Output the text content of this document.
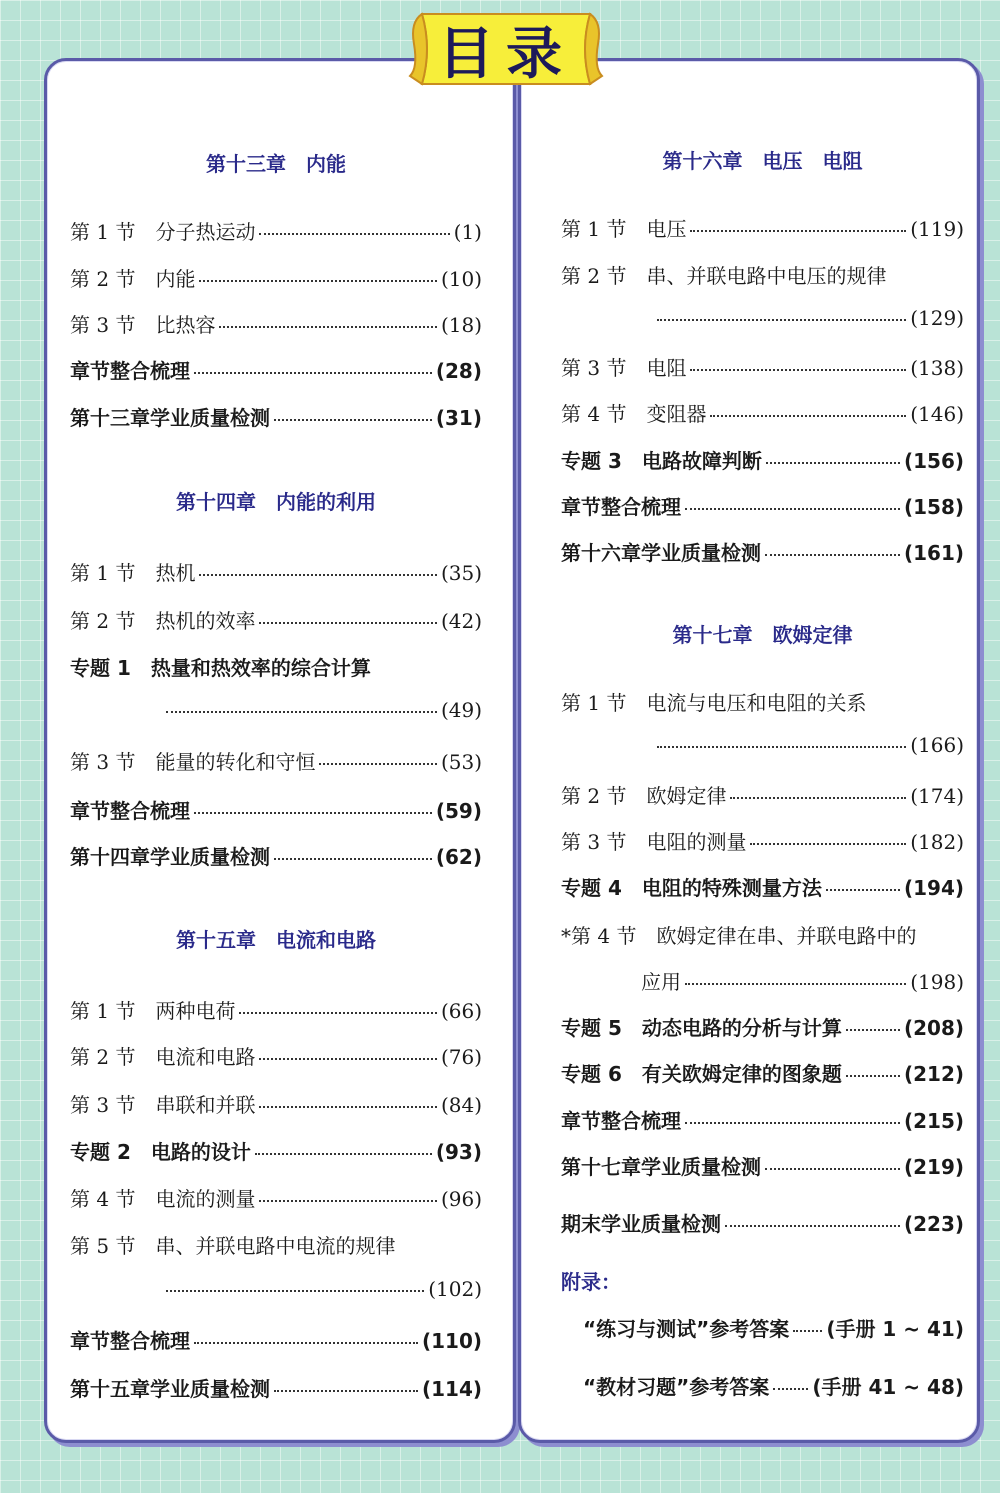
目录
第十三章　内能
第 1 节　分子热运动	(1)
第 2 节　内能	(10)
第 3 节　比热容	(18)
章节整合梳理	(28)
第十三章学业质量检测	(31)
第十四章　内能的利用
第 1 节　热机	(35)
第 2 节　热机的效率	(42)
专题 1　热量和热效率的综合计算
(49)
第 3 节　能量的转化和守恒	(53)
章节整合梳理	(59)
第十四章学业质量检测	(62)
第十五章　电流和电路
第 1 节　两种电荷	(66)
第 2 节　电流和电路	(76)
第 3 节　串联和并联	(84)
专题 2　电路的设计	(93)
第 4 节　电流的测量	(96)
第 5 节　串、并联电路中电流的规律
(102)
章节整合梳理	(110)
第十五章学业质量检测	(114)
第十六章　电压　电阻
第 1 节　电压	(119)
第 2 节　串、并联电路中电压的规律
(129)
第 3 节　电阻	(138)
第 4 节　变阻器	(146)
专题 3　电路故障判断	(156)
章节整合梳理	(158)
第十六章学业质量检测	(161)
第十七章　欧姆定律
第 1 节　电流与电压和电阻的关系
(166)
第 2 节　欧姆定律	(174)
第 3 节　电阻的测量	(182)
专题 4　电阻的特殊测量方法	(194)
*第 4 节　欧姆定律在串、并联电路中的
　　　　应用	(198)
专题 5　动态电路的分析与计算	(208)
专题 6　有关欧姆定律的图象题	(212)
章节整合梳理	(215)
第十七章学业质量检测	(219)
期末学业质量检测	(223)
附录：
“练习与测试”参考答案 (手册 1 ~ 41)
“教材习题”参考答案 (手册 41 ~ 48)
